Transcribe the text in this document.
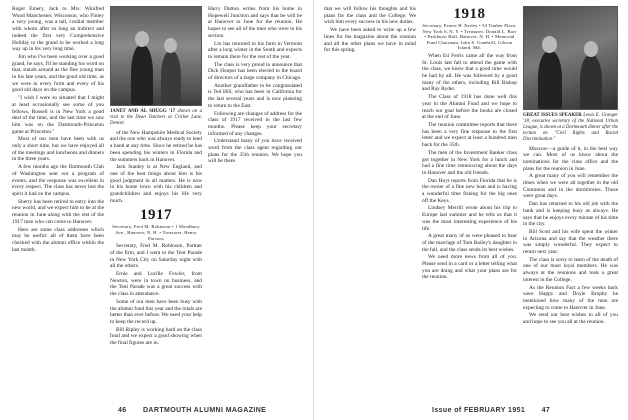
Roger Emery, Jack to Mrs. Winifred Wood Manchester, Wisconsin, who Finley a very young, was a tall, cordial member with whom after so long an indirect and indeed the first very Comprehensive Holiday to the grand to be worked a long way up in his very long time.

Jim who I've been working over a good grand, he says, I'll be standing his word on that, stands around as the fine young man in his late years, and the good old time, as we were in every form and every of his good old days on the campus.

"I wish I were so situated that I might at least occasionally see some of you fellows, Russell is in New York a good deal of the time, and the last time we saw him was on the Dartmouth-Princeton game at Princeton."

Most of our men have been with us only a short time, but we have enjoyed all of the meetings and luncheons and dinners in the three years.

A few months ago the Dartmouth Club of Washington sent out a program of events, and the response was excellent in every respect. The class has never lost the spirit it had on the campus.

Sherry has been retired to entry into the new world, and we expect him to be at the reunion in June along with the rest of the 1917 men who can come to Hanover.

Here are some class addresses which may be useful: all of them have been checked with the alumni office within the last month.

JANET AND AL SHUGG '17 shown on a visit to the Dean Teachers at Cricket Lane, Denver.

of the New Hampshire Medical Society and the one who was always ready to lend a hand at any time. Since he retired he has been spending his winters in Florida and the summers back in Hanover.

Jack Stanley is at New England, and one of the best things about him is his good judgment in all matters. He is now in his home town with his children and grandchildren and enjoys his life very much.

1917
Secretary, Fred M. Robinson • 1 Woodbury Ave., Hanover, N. H. • Treasurer, Henry Parsons

Secretary, Fred M. Robinson, Partner of the firm, and I went to the Tent Parade in New York City on Saturday night with all the others.

Ernie and Lucille Fowler, from Newton, were in town on business, and the Tent Parade was a great success with the class in attendance.

Some of our men have been busy with the alumni fund this year and the totals are better than ever before. We need your help to keep the record up.

Bill Ripley is working hard on the class fund and we expect a good showing when the final figures are in.

Harry Dutton writes from his home in Hopewell Junction and says that he will be at Hanover in June for the reunion. He hopes to see all of the men who were in his section.

Lin has returned to his farm in Vermont after a long winter in the South and expects to remain there for the rest of the year.

The class is very proud to announce that Dick Hooper has been elected to the board of directors of a large company in Chicago.

Another grandfather to be congratulated is Ted Hill, who has been in California for the last several years and is now planning to return to the East.

Following are changes of address for the class of 1917 received in the last few months. Please keep your secretary informed of any changes.

Understand many of you have received word from the class agent regarding our plans for the 35th reunion. We hope you will be there.

46 DARTMOUTH ALUMNI MAGAZINE

that we will follow his thoughts and his plans for the class and the College. We wish him every success in his new duties.

We have been asked to write up a few lines for the magazine about the reunion and all the other plans we have in mind for this spring.

1918
Secretary, Ernest H. Earley • 54 Timber Place, New York 6, N. Y. • Treasurer, Donald L. Barr • Parkhurst Hall, Hanover, N. H. • Memorial Fund Chairman, John S. Gambrill, Gibson Island, Md.

When Ed Ferris came all the way from St. Louis last fall to attend the game with the class, we knew that a good time would be had by all. He was followed by a good many of the others, including Bill Bishop and Ray Ryder.

The Class of 1918 has done well this year in the Alumni Fund and we hope to reach our goal before the books are closed at the end of June.

The reunion committee reports that there has been a very fine response to the first letter and we expect at least a hundred men back for the 35th.

The men of the Investment Banker class got together in New York for a lunch and had a fine time reminiscing about the days in Hanover and the old friends.

Dan Hoyt reports from Florida that he is the owner of a fine new boat and is having a wonderful time fishing for the big ones off the Keys.

Lindsey Merrill wrote about his trip to Europe last summer and he tells us that it was the most interesting experience of his life.

A great many of us were pleased to hear of the marriage of Tom Bailey's daughter in the fall, and the class sends its best wishes.

We need more news from all of you. Please send in a card or a letter telling what you are doing and what your plans are for the reunion.

GREAT ISSUES SPEAKER Lewis E. Granger '18, executive secretary of the National Urban League, is shown at a Dartmouth dinner after the lecture on "Civil Rights and Racial Discrimination."

Moscow—a guide of it, in the best way we can. Most of us know about the nominations for the class office and the plans for the reunion in June.

A great many of you will remember the times when we were all together in the old Commons and in the dormitories. Those were great days.

Dan has returned to his old job with the bank and is keeping busy as always. He says that he enjoys every minute of his time in the city.

Bill Scott and his wife spent the winter in Arizona and say that the weather there was simply wonderful. They expect to return next year.

The class is sorry to learn of the death of one of our most loyal members. He was always at the reunions and took a great interest in the College.

As the Reunion Fact a few weeks back were Happy and Doyle Brophy he mentioned how many of the men are expecting to come to Hanover in June.

We send our best wishes to all of you and hope to see you all at the reunion.

Issue of FEBRUARY 1951 47
